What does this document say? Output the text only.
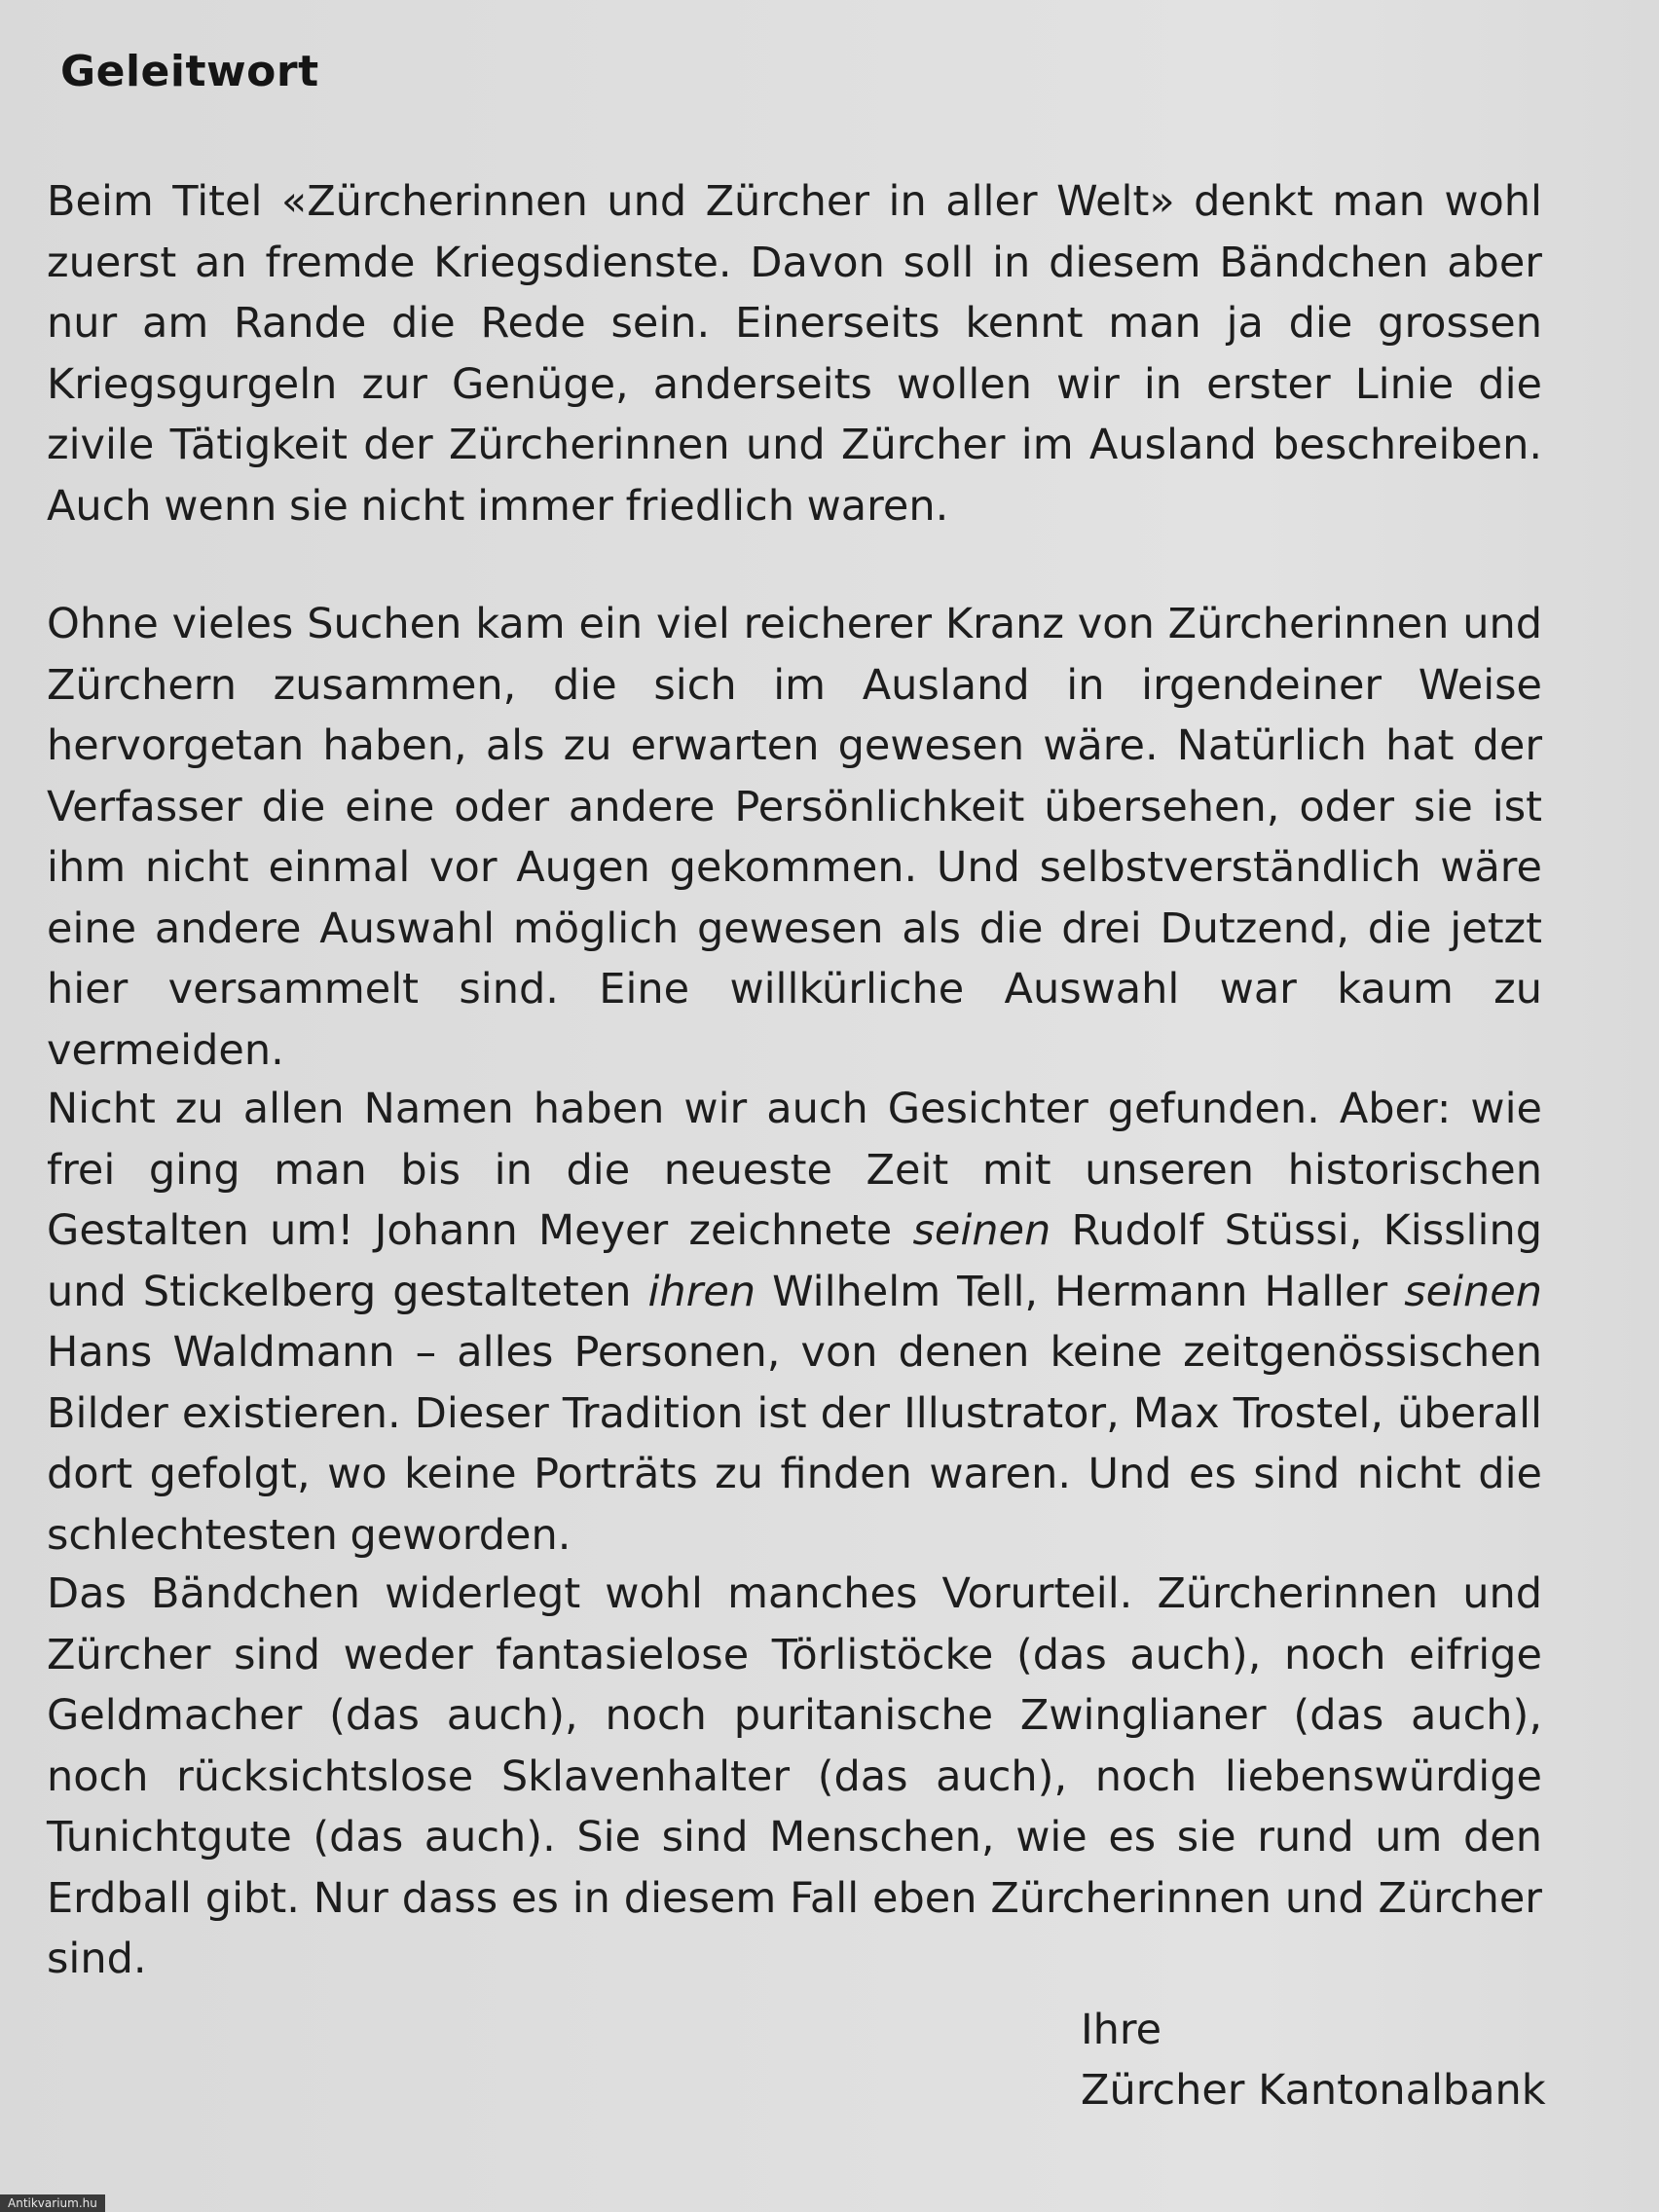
Geleitwort

Beim Titel «Zürcherinnen und Zürcher in aller Welt» denkt man wohl zuerst an fremde Kriegsdienste. Davon soll in diesem Bändchen aber nur am Rande die Rede sein. Einerseits kennt man ja die grossen Kriegsgurgeln zur Genüge, anderseits wollen wir in erster Linie die zivile Tätigkeit der Zürcherinnen und Zürcher im Ausland beschreiben. Auch wenn sie nicht immer friedlich waren.

Ohne vieles Suchen kam ein viel reicherer Kranz von Zürcherinnen und Zürchern zusammen, die sich im Ausland in irgendeiner Weise hervorgetan haben, als zu erwarten gewesen wäre. Natürlich hat der Verfasser die eine oder andere Persönlichkeit übersehen, oder sie ist ihm nicht einmal vor Augen gekommen. Und selbstverständlich wäre eine andere Auswahl möglich gewesen als die drei Dutzend, die jetzt hier versammelt sind. Eine willkürliche Auswahl war kaum zu vermeiden.

Nicht zu allen Namen haben wir auch Gesichter gefunden. Aber: wie frei ging man bis in die neueste Zeit mit unseren historischen Gestalten um! Johann Meyer zeichnete seinen Rudolf Stüssi, Kissling und Stickelberg gestalteten ihren Wilhelm Tell, Hermann Haller seinen Hans Waldmann – alles Personen, von denen keine zeitgenössischen Bilder existieren. Dieser Tradition ist der Illustrator, Max Trostel, überall dort gefolgt, wo keine Porträts zu finden waren. Und es sind nicht die schlechtesten geworden.

Das Bändchen widerlegt wohl manches Vorurteil. Zürcherinnen und Zürcher sind weder fantasielose Törlistöcke (das auch), noch eifrige Geldmacher (das auch), noch puritanische Zwinglianer (das auch), noch rücksichtslose Sklavenhalter (das auch), noch liebenswürdige Tunichtgute (das auch). Sie sind Menschen, wie es sie rund um den Erdball gibt. Nur dass es in diesem Fall eben Zürcherinnen und Zürcher sind.

Ihre
Zürcher Kantonalbank
Antikvarium.hu
